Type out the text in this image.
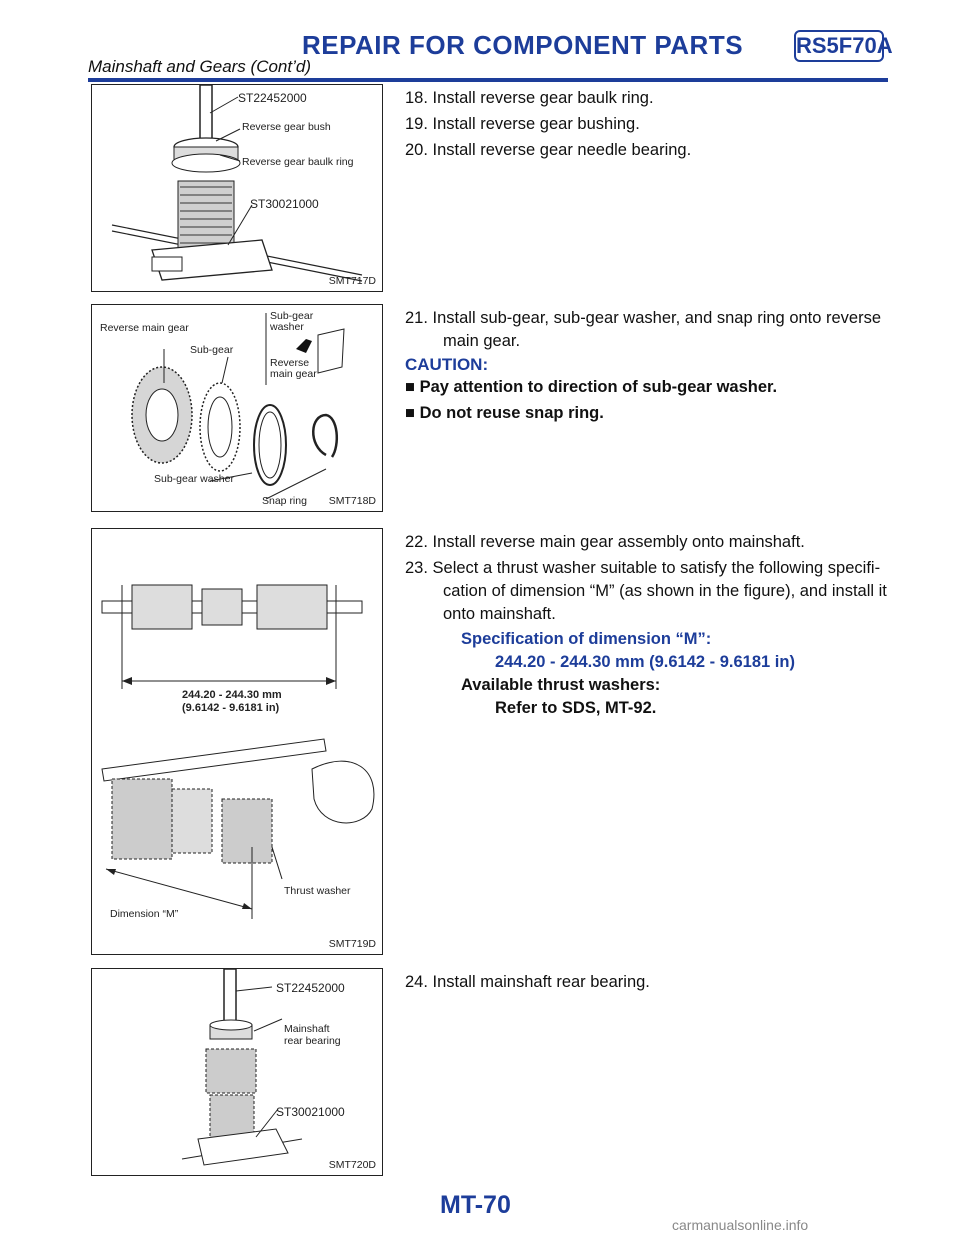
REPAIR FOR COMPONENT PARTS RS5F70A
Mainshaft and Gears (Cont’d)
ST22452000
Reverse gear bush
Reverse gear baulk ring
ST30021000
SMT717D

18. Install reverse gear baulk ring.

19. Install reverse gear bushing.

20. Install reverse gear needle bearing.

Reverse main gear
Sub-gear
Sub-gear washer
Reverse main gear
Sub-gear washer
Snap ring SMT718D

21. Install sub-gear, sub-gear washer, and snap ring onto reverse

main gear.

CAUTION:

■ Pay attention to direction of sub-gear washer.

■ Do not reuse snap ring.

244.20 - 244.30 mm
(9.6142 - 9.6181 in)
Thrust washer
Dimension “M”
SMT719D

22. Install reverse main gear assembly onto mainshaft.

23. Select a thrust washer suitable to satisfy the following specifi-

cation of dimension “M” (as shown in the figure), and install it

onto mainshaft.

Specification of dimension “M”:

244.20 - 244.30 mm (9.6142 - 9.6181 in)

Available thrust washers:

Refer to SDS, MT-92.

ST22452000
Mainshaft
rear bearing
ST30021000
SMT720D

24. Install mainshaft rear bearing.

MT-70
carmanualsonline.info
